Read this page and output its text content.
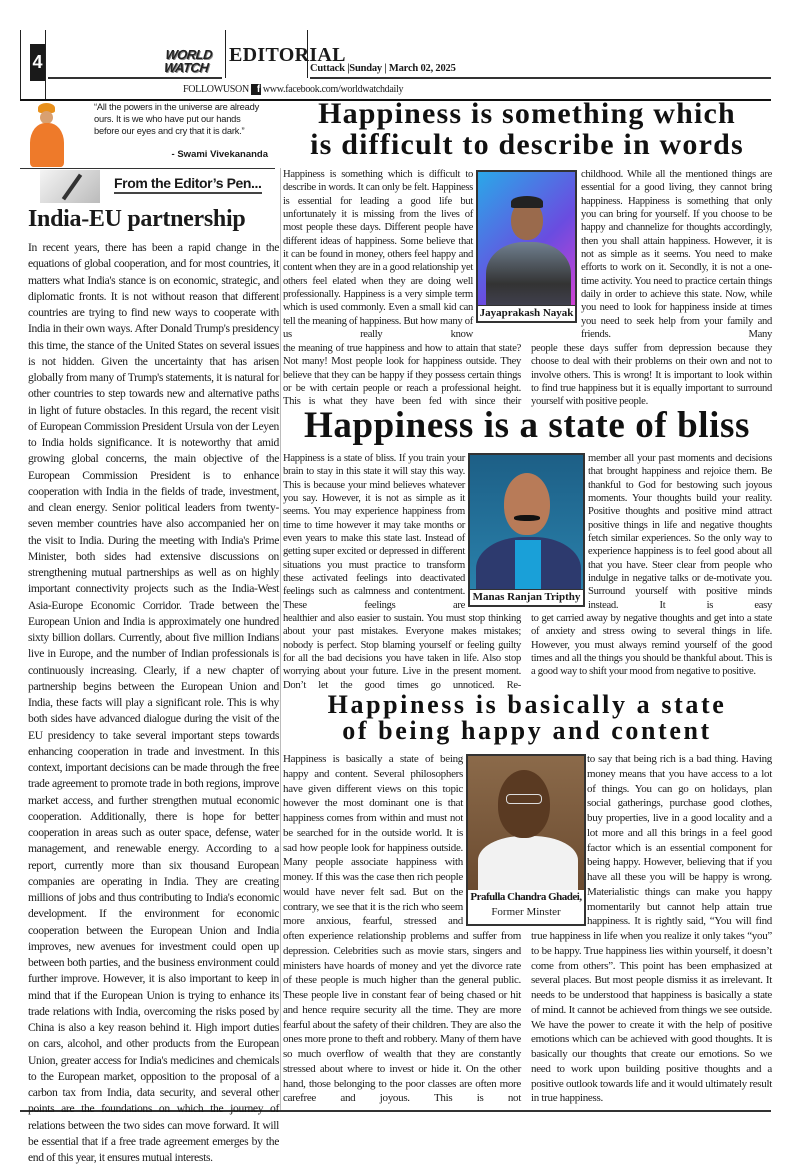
4	WORLD
WATCH
EDITORIAL
Cuttack |Sunday | March 02, 2025
FOLLOWUSON f www.facebook.com/worldwatchdaily
“All the powers in the universe are already ours. It is we who have put our hands before our eyes and cry that it is dark.”
- Swami Vivekananda
From the Editor’s Pen...
India-EU partnership
In recent years, there has been a rapid change in the equations of global cooperation, and for most countries, it matters what India's stance is on economic, strategic, and diplomatic fronts. It is not without reason that different countries are trying to find new ways to cooperate with India in their own ways. After Donald Trump's presidency this time, the stance of the United States on several issues is not hidden. Given the uncertainty that has arisen globally from many of Trump's statements, it is natural for other countries to step towards new and alternative paths in light of future obstacles. In this regard, the recent visit of European Commission President Ursula von der Leyen to India holds significance. It is noteworthy that amid growing global concerns, the main objective of the European Commission President is to enhance cooperation with India in the fields of trade, investment, and clean energy. Senior political leaders from twenty-seven member countries have also accompanied her on the visit to India. During the meeting with India's Prime Minister, both sides had extensive discussions on strengthening mutual partnerships as well as on highly important connectivity projects such as the India-West Asia-Europe Economic Corridor. Trade between the European Union and India is approximately one hundred sixty billion dollars. Currently, about five million Indians live in Europe, and the number of Indian professionals is continuously increasing. Clearly, if a new chapter of partnership begins between the European Union and India, these facts will play a significant role. This is why both sides have advanced dialogue during the visit of the EU presidency to take several important steps towards enhancing cooperation in trade and investment. In this context, important decisions can be made through the free trade agreement to promote trade in both regions, improve market access, and further strengthen mutual economic cooperation. Additionally, there is hope for better cooperation in areas such as outer space, defense, water management, and renewable energy. According to a report, currently more than six thousand European companies are operating in India. They are creating millions of jobs and thus contributing to India's economic development. If the environment for economic cooperation between the European Union and India improves, new avenues for investment could open up between both parties, and the business environment could further improve. However, it is also important to keep in mind that if the European Union is trying to enhance its trade relations with India, overcoming the risks posed by China is also a key reason behind it. High import duties on cars, alcohol, and other products from the European Union, greater access for India's medicines and chemicals to the European market, opposition to the proposal of a carbon tax from India, data security, and several other points are the foundations on which the journey of relations between the two sides can move forward. It will be essential that if a free trade agreement emerges by the end of this year, it ensures mutual interests.
Happiness is something which
is difficult to describe in words
Happiness is something which is difficult to describe in words. It can only be felt. Happiness is essential for leading a good life but unfortunately it is missing from the lives of most people these days. Different people have different ideas of happiness. Some believe that it can be found in money, others feel happy and content when they are in a good relationship yet others feel elated when they are doing well professionally. Happiness is a very simple term which is used commonly. Even a small kid can tell the meaning of happiness. But how many of us really know
Jayaprakash Nayak
childhood. While all the mentioned things are essential for a good living, they cannot bring happiness. Happiness is something that only you can bring for yourself. If you choose to be happy and channelize for thoughts accordingly, then you shall attain happiness. However, it is not as simple as it seems. You need to make efforts to work on it. Secondly, it is not a one-time activity. You need to practice certain things daily in order to achieve this state. Now, while you need to look for happiness inside at times you need to seek help from your family and friends. Many
the meaning of true happiness and how to attain that state? Not many! Most people look for happiness outside. They believe that they can be happy if they possess certain things or be with certain people or reach a professional height. This is what they have been fed with since their
people these days suffer from depression because they choose to deal with their problems on their own and not to involve others. This is wrong! It is important to look within to find true happiness but it is equally important to surround yourself with positive people.
Happiness is a state of bliss
Happiness is a state of bliss. If you train your brain to stay in this state it will stay this way. This is because your mind believes whatever you say. However, it is not as simple as it seems. You may experience happiness from time to time however it may take months or even years to make this state last. Instead of getting super excited or depressed in different situations you must practice to transform these activated feelings into deactivated feelings such as calmness and contentment. These feelings are
Manas Ranjan Tripthy
member all your past moments and decisions that brought happiness and rejoice them. Be thankful to God for bestowing such joyous moments. Your thoughts build your reality. Positive thoughts and positive mind attract positive things in life and negative thoughts fetch similar experiences. So the only way to experience happiness is to feel good about all that you have. Steer clear from people who indulge in negative talks or de-motivate you. Surround yourself with positive minds instead. It is easy
healthier and also easier to sustain. You must stop thinking about your past mistakes. Everyone makes mistakes; nobody is perfect. Stop blaming yourself or feeling guilty for all the bad decisions you have taken in life. Also stop worrying about your future. Live in the present moment. Don’t let the good times go unnoticed. Re-
to get carried away by negative thoughts and get into a state of anxiety and stress owing to several things in life. However, you must always remind yourself of the good times and all the things you should be thankful about. This is a good way to shift your mood from negative to positive.
Happiness is basically a state
of being happy and content
Happiness is basically a state of being happy and content. Several philosophers have given different views on this topic however the most dominant one is that happiness comes from within and must not be searched for in the outside world. It is sad how people look for happiness outside. Many people associate happiness with money. If this was the case then rich people would have never felt sad. But on the contrary, we see that it is the rich who seem more anxious, fearful, stressed and
Prafulla Chandra Ghadei,
Former Minster
to say that being rich is a bad thing. Having money means that you have access to a lot of things. You can go on holidays, plan social gatherings, purchase good clothes, buy properties, live in a good locality and a lot more and all this brings in a feel good factor which is an essential component for being happy. However, believing that if you have all these you will be happy is wrong. Materialistic things can make you happy momentarily but cannot help attain true happiness. It is rightly said, “You will find
often experience relationship problems and suffer from depression. Celebrities such as movie stars, singers and ministers have hoards of money and yet the divorce rate of these people is much higher than the general public. These people live in constant fear of being chased or hit and hence require security all the time. They are more fearful about the safety of their children. They are also the ones more prone to theft and robbery. Many of them have so much overflow of wealth that they are constantly stressed about where to invest or hide it. On the other hand, those belonging to the poor classes are often more carefree and joyous. This is not
true happiness in life when you realize it only takes “you” to be happy. True happiness lies within yourself, it doesn’t come from others”. This point has been emphasized at several places. But most people dismiss it as irrelevant. It needs to be understood that happiness is basically a state of mind. It cannot be achieved from things we see outside. We have the power to create it with the help of positive emotions which can be achieved with good thoughts. It is basically our thoughts that create our emotions. So we need to work upon building positive thoughts and a positive outlook towards life and it would ultimately result in true happiness.
